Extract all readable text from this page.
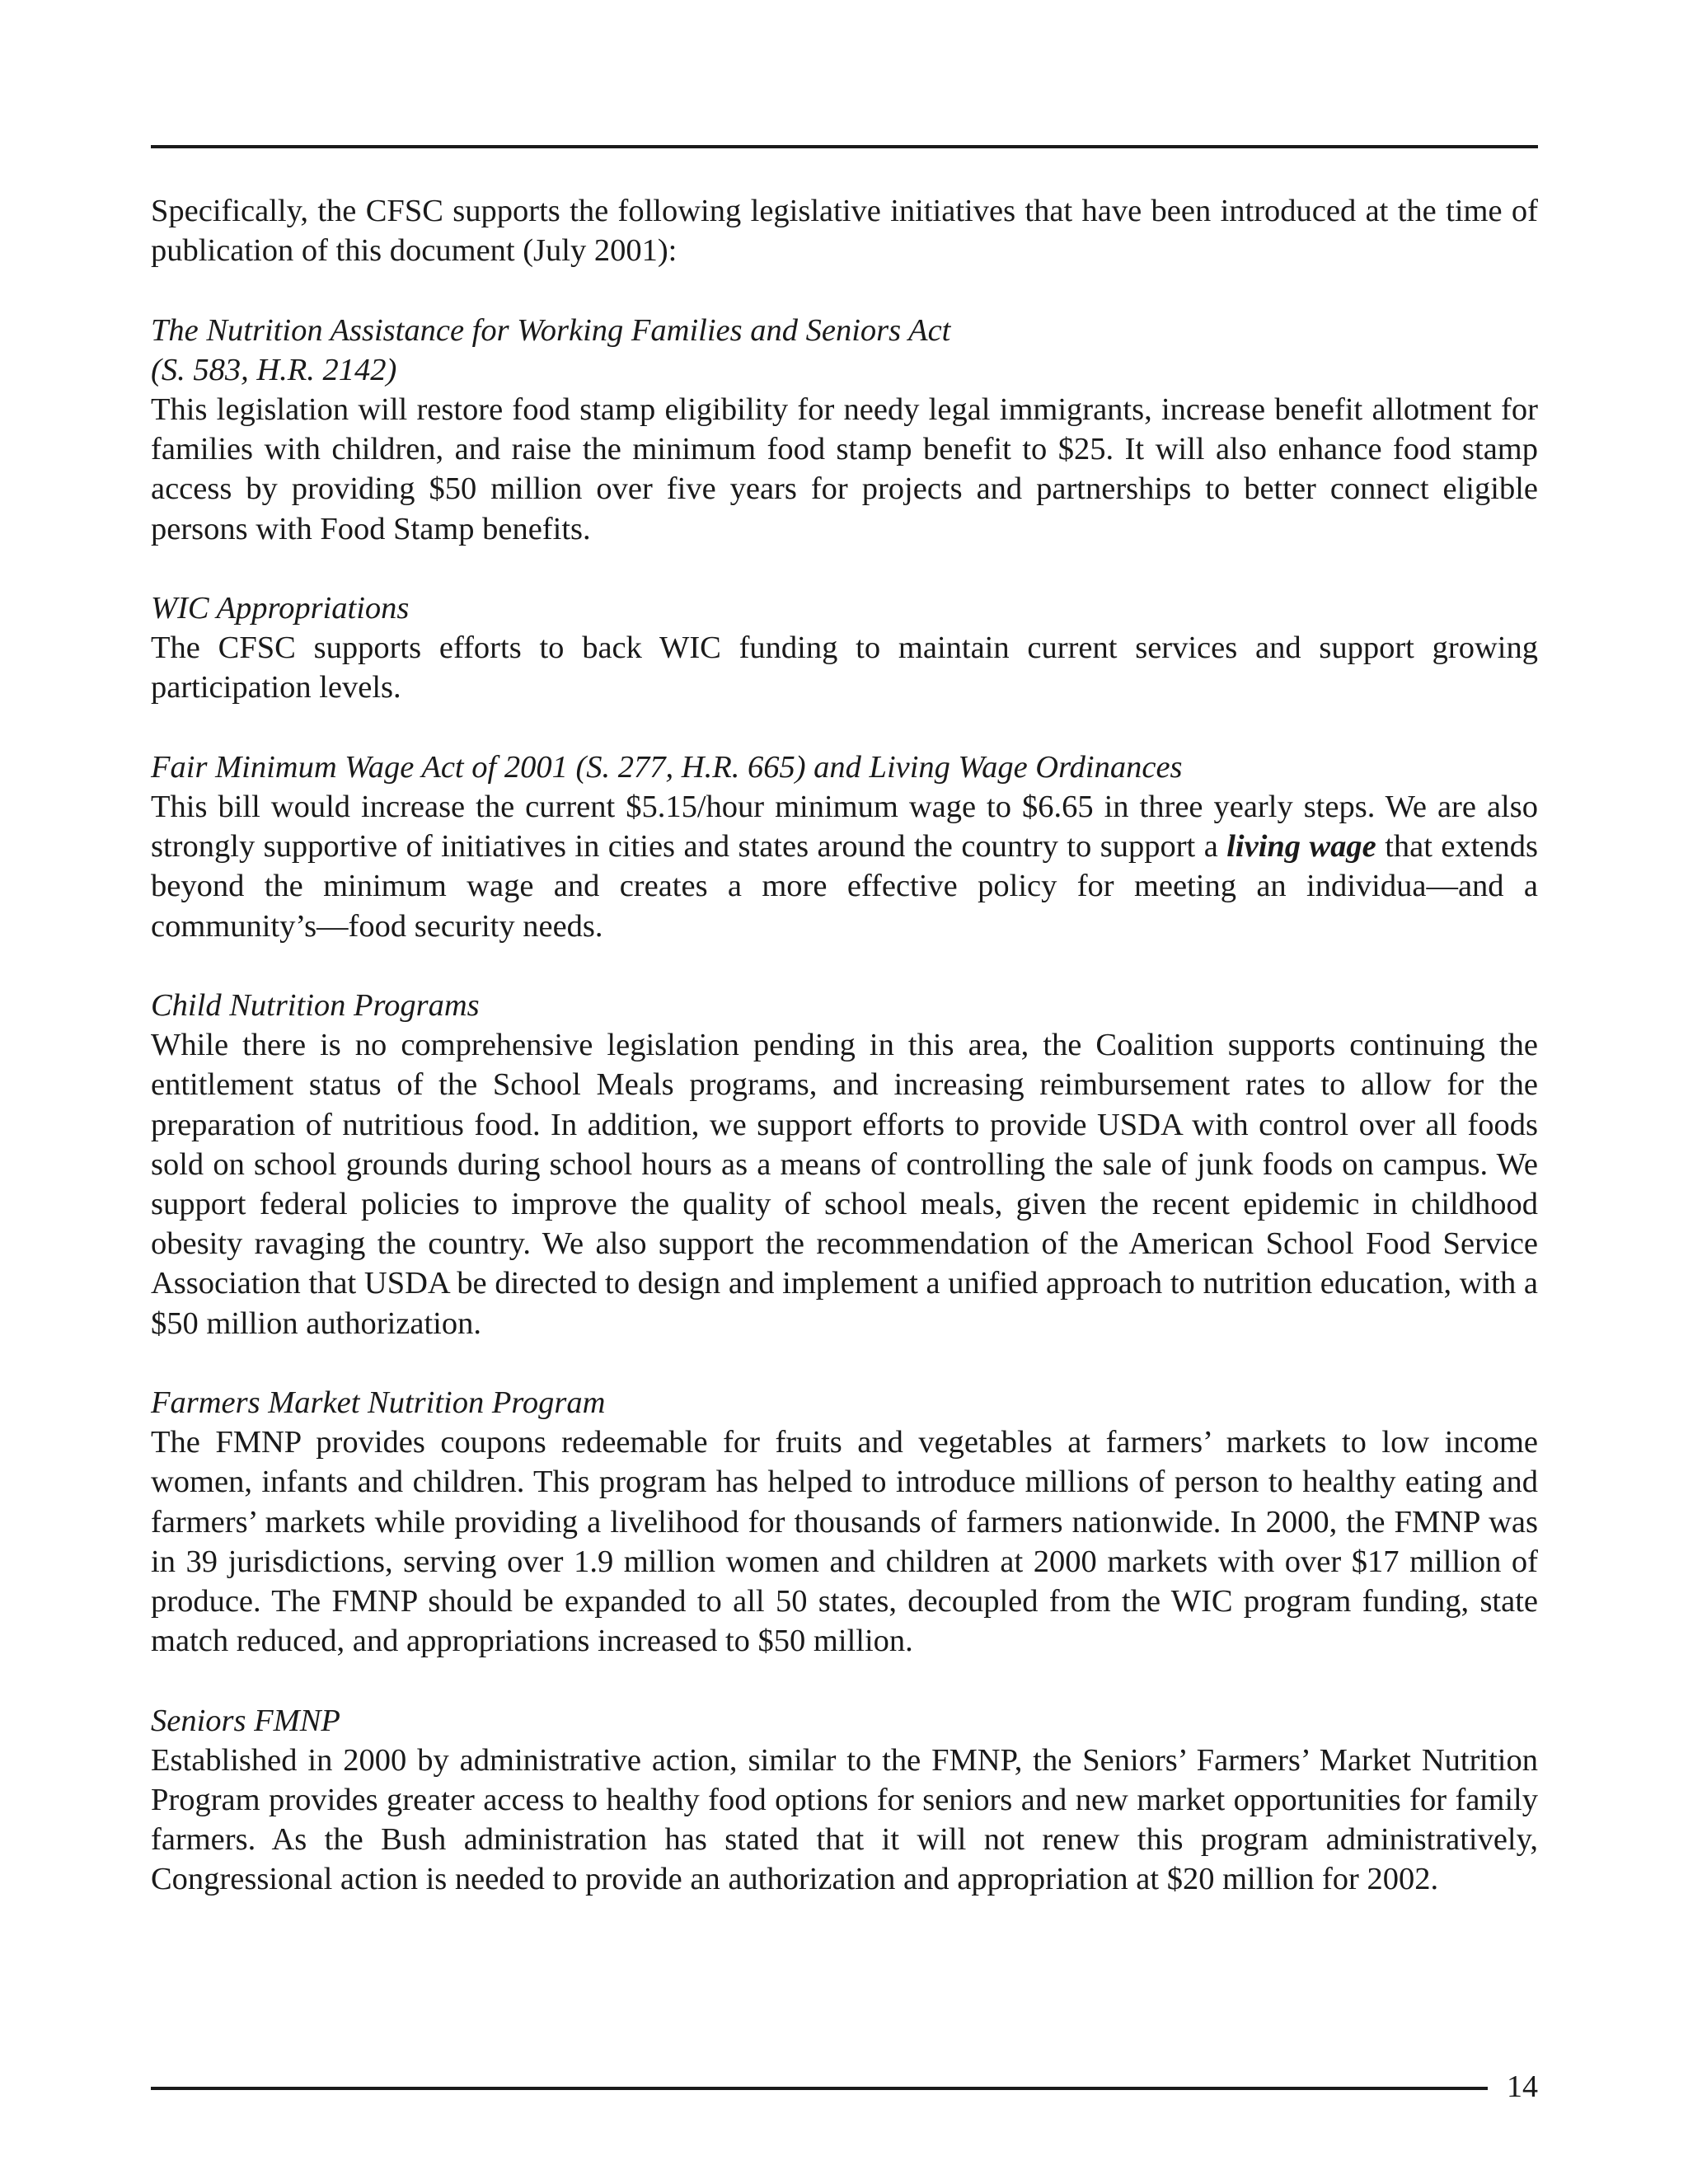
Specifically, the CFSC supports the following legislative initiatives that have been introduced at the time of publication of this document (July 2001):

The Nutrition Assistance for Working Families and Seniors Act
(S. 583, H.R. 2142)

This legislation will restore food stamp eligibility for needy legal immigrants, increase benefit allotment for families with children, and raise the minimum food stamp benefit to $25. It will also enhance food stamp access by providing $50 million over five years for projects and partnerships to better connect eligible persons with Food Stamp benefits.

WIC Appropriations

The CFSC supports efforts to back WIC funding to maintain current services and support growing participation levels.

Fair Minimum Wage Act of 2001 (S. 277, H.R. 665) and Living Wage Ordinances

This bill would increase the current $5.15/hour minimum wage to $6.65 in three yearly steps. We are also strongly supportive of initiatives in cities and states around the country to support a living wage that extends beyond the minimum wage and creates a more effective policy for meeting an individua—and a community’s—food security needs.

Child Nutrition Programs

While there is no comprehensive legislation pending in this area, the Coalition supports continuing the entitlement status of the School Meals programs, and increasing reimbursement rates to allow for the preparation of nutritious food. In addition, we support efforts to provide USDA with control over all foods sold on school grounds during school hours as a means of controlling the sale of junk foods on campus. We support federal policies to improve the quality of school meals, given the recent epidemic in childhood obesity ravaging the country. We also support the recommendation of the American School Food Service Association that USDA be directed to design and implement a unified approach to nutrition education, with a $50 million authorization.

Farmers Market Nutrition Program

The FMNP provides coupons redeemable for fruits and vegetables at farmers’ markets to low income women, infants and children. This program has helped to introduce millions of person to healthy eating and farmers’ markets while providing a livelihood for thousands of farmers nationwide. In 2000, the FMNP was in 39 jurisdictions, serving over 1.9 million women and children at 2000 markets with over $17 million of produce. The FMNP should be expanded to all 50 states, decoupled from the WIC program funding, state match reduced, and appropriations increased to $50 million.

Seniors FMNP

Established in 2000 by administrative action, similar to the FMNP, the Seniors’ Farmers’ Market Nutrition Program provides greater access to healthy food options for seniors and new market opportunities for family farmers. As the Bush administration has stated that it will not renew this program administratively, Congressional action is needed to provide an authorization and appropriation at $20 million for 2002.

14
